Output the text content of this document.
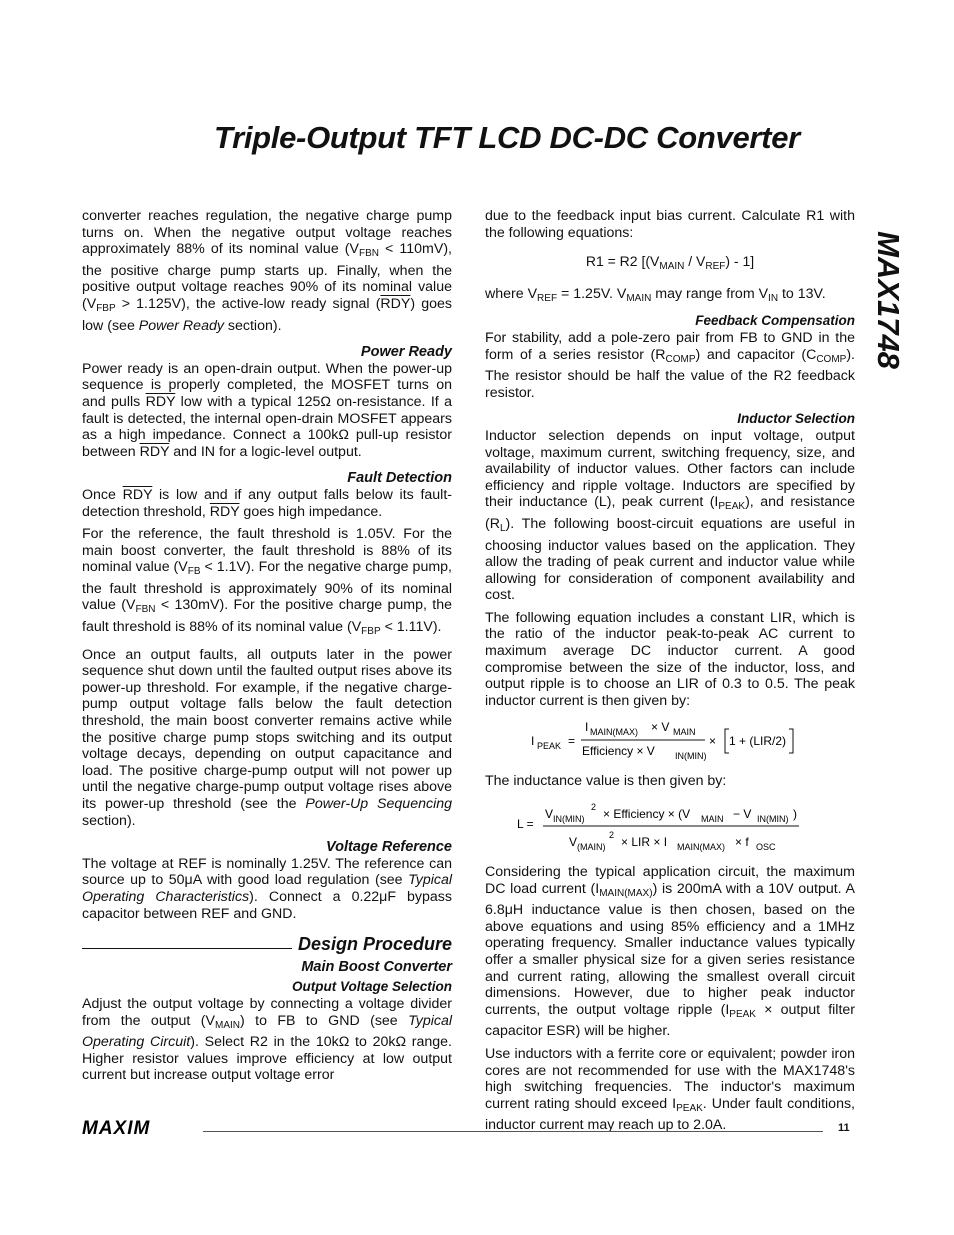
Triple-Output TFT LCD DC-DC Converter
MAX1748

converter reaches regulation, the negative charge pump turns on. When the negative output voltage reaches approximately 88% of its nominal value $(V_{FBN} < 110mV)$, the positive charge pump starts up. Finally, when the positive output voltage reaches 90% of its nominal value $(V_{FBP} > 1.125V)$, the active-low ready signal $(\overline{RDY})$ goes low (see Power Ready section).

Power Ready

Power ready is an open-drain output. When the power-up sequence is properly completed, the MOSFET turns on and pulls $\overline{RDY}$ low with a typical 125Ω on-resistance. If a fault is detected, the internal open-drain MOSFET appears as a high impedance. Connect a 100kΩ pull-up resistor between $\overline{RDY}$ and IN for a logic-level output.

Fault Detection

Once $\overline{RDY}$ is low and if any output falls below its fault-detection threshold, $\overline{RDY}$ goes high impedance.

For the reference, the fault threshold is 1.05V. For the main boost converter, the fault threshold is 88% of its nominal value $(V_{FB} < 1.1V)$. For the negative charge pump, the fault threshold is approximately 90% of its nominal value $(V_{FBN} < 130mV)$. For the positive charge pump, the fault threshold is 88% of its nominal value $(V_{FBP} < 1.11V)$.

Once an output faults, all outputs later in the power sequence shut down until the faulted output rises above its power-up threshold. For example, if the negative charge-pump output voltage falls below the fault detection threshold, the main boost converter remains active while the positive charge pump stops switching and its output voltage decays, depending on output capacitance and load. The positive charge-pump output will not power up until the negative charge-pump output voltage rises above its power-up threshold (see the Power-Up Sequencing section).

Voltage Reference

The voltage at REF is nominally 1.25V. The reference can source up to 50μA with good load regulation (see Typical Operating Characteristics). Connect a 0.22μF bypass capacitor between REF and GND.

Design Procedure
Main Boost Converter
Output Voltage Selection

Adjust the output voltage by connecting a voltage divider from the output $(V_{MAIN})$ to FB to GND (see Typical Operating Circuit). Select R2 in the 10kΩ to 20kΩ range. Higher resistor values improve efficiency at low output current but increase output voltage error

due to the feedback input bias current. Calculate R1 with the following equations:

R1 = R2 $[(V_{MAIN} / V_{REF}) - 1]$

where $V_{REF} = 1.25V$. $V_{MAIN}$ may range from $V_{IN}$ to 13V.

Feedback Compensation

For stability, add a pole-zero pair from FB to GND in the form of a series resistor $(R_{COMP})$ and capacitor $(C_{COMP})$. The resistor should be half the value of the R2 feedback resistor.

Inductor Selection

Inductor selection depends on input voltage, output voltage, maximum current, switching frequency, size, and availability of inductor values. Other factors can include efficiency and ripple voltage. Inductors are specified by their inductance (L), peak current $(I_{PEAK})$, and resistance $(R_L)$. The following boost-circuit equations are useful in choosing inductor values based on the application. They allow the trading of peak current and inductor value while allowing for consideration of component availability and cost.

The following equation includes a constant LIR, which is the ratio of the inductor peak-to-peak AC current to maximum average DC inductor current. A good compromise between the size of the inductor, loss, and output ripple is to choose an LIR of 0.3 to 0.5. The peak inductor current is then given by:

I PEAK =
I MAIN(MAX) × V MAIN
Efficiency × V IN(MIN)
× 1 + (LIR/2)

The inductance value is then given by:

L =
V IN(MIN)
2 × Efficiency × (V MAIN − V IN(MIN) )
V (MAIN)
2 × LIR × I MAIN(MAX) × f OSC

Considering the typical application circuit, the maximum DC load current $(I_{MAIN(MAX)})$ is 200mA with a 10V output. A 6.8μH inductance value is then chosen, based on the above equations and using 85% efficiency and a 1MHz operating frequency. Smaller inductance values typically offer a smaller physical size for a given series resistance and current rating, allowing the smallest overall circuit dimensions. However, due to higher peak inductor currents, the output voltage ripple ($I_{PEAK}$ × output filter capacitor ESR) will be higher.

Use inductors with a ferrite core or equivalent; powder iron cores are not recommended for use with the MAX1748's high switching frequencies. The inductor's maximum current rating should exceed $I_{PEAK}$. Under fault conditions, inductor current may reach up to 2.0A.

MAXIM	11
